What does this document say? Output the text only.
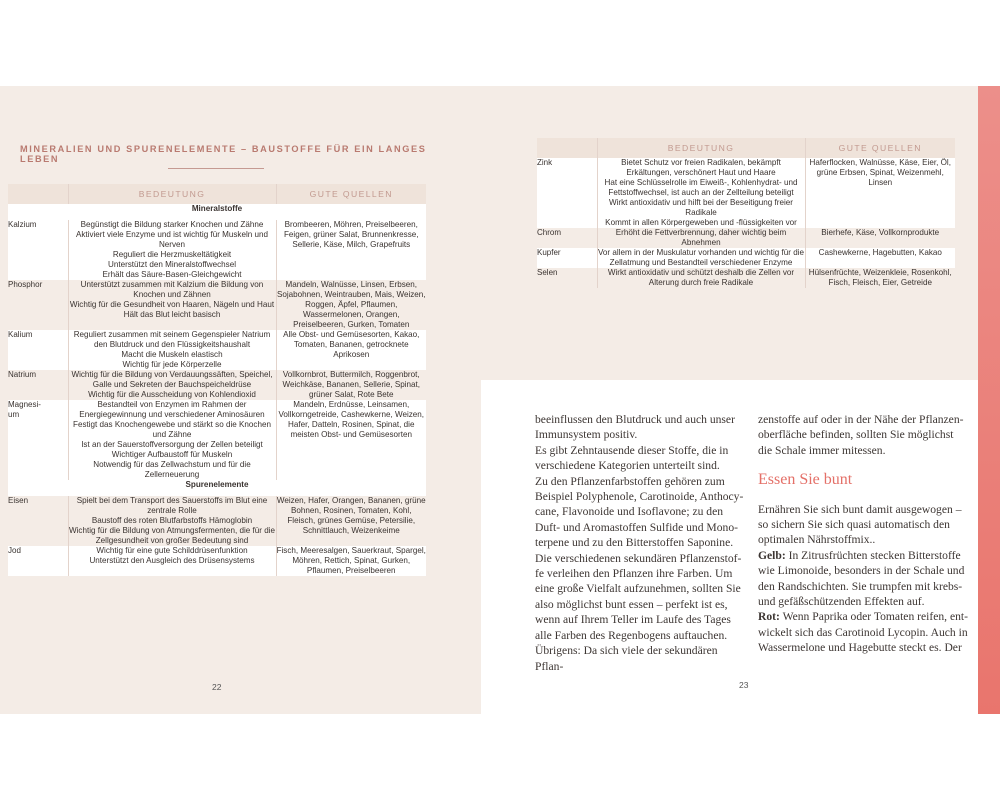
MINERALIEN UND SPURENELEMENTE – BAUSTOFFE FÜR EIN LANGES LEBEN
	BEDEUTUNG	GUTE QUELLEN
Mineralstoffe		
Kalzium	Begünstigt die Bildung starker Knochen und Zähne
Aktiviert viele Enzyme und ist wichtig für Muskeln und Nerven
Reguliert die Herzmuskeltätigkeit
Unterstützt den Mineralstoffwechsel
Erhält das Säure-Basen-Gleichgewicht	Brombeeren, Möhren, Preiselbeeren, Feigen, grüner Salat, Brunnenkresse, Sellerie, Käse, Milch, Grapefruits
Phosphor	Unterstützt zusammen mit Kalzium die Bildung von Knochen und Zähnen
Wichtig für die Gesundheit von Haaren, Nägeln und Haut
Hält das Blut leicht basisch	Mandeln, Walnüsse, Linsen, Erbsen, Sojabohnen, Weintrauben, Mais, Weizen, Roggen, Äpfel, Pflaumen, Wassermelonen, Orangen, Preiselbeeren, Gurken, Tomaten
Kalium	Reguliert zusammen mit seinem Gegenspieler Natrium den Blutdruck und den Flüssigkeitshaushalt
Macht die Muskeln elastisch
Wichtig für jede Körperzelle	Alle Obst- und Gemüsesorten, Kakao, Tomaten, Bananen, getrocknete Aprikosen
Natrium	Wichtig für die Bildung von Verdauungssäften, Speichel, Galle und Sekreten der Bauchspeicheldrüse
Wichtig für die Ausscheidung von Kohlendioxid	Vollkornbrot, Buttermilch, Roggenbrot, Weichkäse, Bananen, Sellerie, Spinat, grüner Salat, Rote Bete
Magnesi-
um	Bestandteil von Enzymen im Rahmen der Energiegewinnung und verschiedener Aminosäuren
Festigt das Knochengewebe und stärkt so die Knochen und Zähne
Ist an der Sauerstoffversorgung der Zellen beteiligt
Wichtiger Aufbaustoff für Muskeln
Notwendig für das Zellwachstum und für die Zellerneuerung	Mandeln, Erdnüsse, Leinsamen, Vollkorngetreide, Cashewkerne, Weizen, Hafer, Datteln, Rosinen, Spinat, die meisten Obst- und Gemüsesorten
Spurenelemente		
Eisen	Spielt bei dem Transport des Sauerstoffs im Blut eine zentrale Rolle
Baustoff des roten Blutfarbstoffs Hämoglobin
Wichtig für die Bildung von Atmungsfermenten, die für die Zellgesundheit von großer Bedeutung sind	Weizen, Hafer, Orangen, Bananen, grüne Bohnen, Rosinen, Tomaten, Kohl, Fleisch, grünes Gemüse, Petersilie, Schnittlauch, Weizenkeime
Jod	Wichtig für eine gute Schilddrüsenfunktion
Unterstützt den Ausgleich des Drüsensystems	Fisch, Meeresalgen, Sauerkraut, Spargel, Möhren, Rettich, Spinat, Gurken, Pflaumen, Preiselbeeren
22
	BEDEUTUNG	GUTE QUELLEN
Zink	Bietet Schutz vor freien Radikalen, bekämpft Erkältungen, verschönert Haut und Haare
Hat eine Schlüsselrolle im Eiweiß-, Kohlenhydrat- und Fettstoffwechsel, ist auch an der Zellteilung beteiligt
Wirkt antioxidativ und hilft bei der Beseitigung freier Radikale
Kommt in allen Körpergeweben und -flüssigkeiten vor	Haferflocken, Walnüsse, Käse, Eier, Öl, grüne Erbsen, Spinat, Weizenmehl, Linsen
Chrom	Erhöht die Fettverbrennung, daher wichtig beim Abnehmen	Bierhefe, Käse, Vollkornprodukte
Kupfer	Vor allem in der Muskulatur vorhanden und wichtig für die Zellatmung und Bestandteil verschiedener Enzyme	Cashewkerne, Hagebutten, Kakao
Selen	Wirkt antioxidativ und schützt deshalb die Zellen vor Alterung durch freie Radikale	Hülsenfrüchte, Weizenkleie, Rosenkohl, Fisch, Fleisch, Eier, Getreide

beeinflussen den Blutdruck und auch unser

Immunsystem positiv.

Es gibt Zehntausende dieser Stoffe, die in

verschiedene Kategorien unterteilt sind.

Zu den Pflanzenfarbstoffen gehören zum

Beispiel Polyphenole, Carotinoide, Anthocy-

cane, Flavonoide und Isoflavone; zu den

Duft- und Aromastoffen Sulfide und Mono-

terpene und zu den Bitterstoffen Saponine.

Die verschiedenen sekundären Pflanzenstof-

fe verleihen den Pflanzen ihre Farben. Um

eine große Vielfalt aufzunehmen, sollten Sie

also möglichst bunt essen – perfekt ist es,

wenn auf Ihrem Teller im Laufe des Tages

alle Farben des Regenbogens auftauchen.

Übrigens: Da sich viele der sekundären Pflan-

zenstoffe auf oder in der Nähe der Pflanzen-

oberfläche befinden, sollten Sie möglichst

die Schale immer mitessen.

Essen Sie bunt

Ernähren Sie sich bunt damit ausgewogen –

so sichern Sie sich quasi automatisch den

optimalen Nährstoffmix..

Gelb: In Zitrusfrüchten stecken Bitterstoffe

wie Limonoide, besonders in der Schale und

den Randschichten. Sie trumpfen mit krebs-

und gefäßschützenden Effekten auf.

Rot: Wenn Paprika oder Tomaten reifen, ent-

wickelt sich das Carotinoid Lycopin. Auch in

Wassermelone und Hagebutte steckt es. Der

23
